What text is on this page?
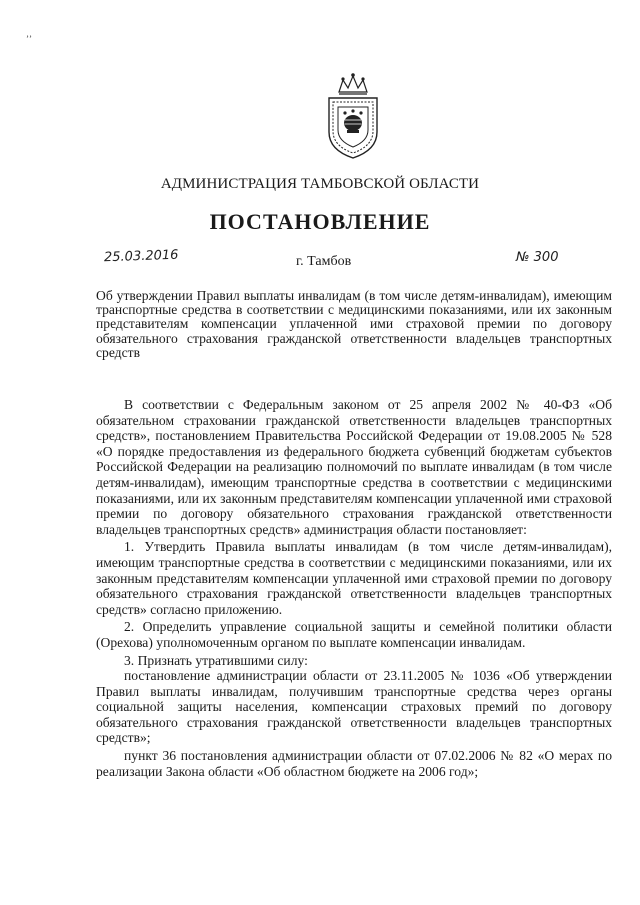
ʼʼ
АДМИНИСТРАЦИЯ ТАМБОВСКОЙ ОБЛАСТИ
ПОСТАНОВЛЕНИЕ
25.03.2016	г. Тамбов	№ 300
Об утверждении Правил выплаты инвалидам (в том числе детям-инвалидам), имеющим транспортные средства в соответствии с медицинскими показаниями, или их законным представителям компенсации уплаченной ими страховой премии по договору обязательного страхования гражданской ответственности владельцев транспортных средств

В соответствии с Федеральным законом от 25 апреля 2002 № 40-ФЗ «Об обязательном страховании гражданской ответственности владельцев транспортных средств», постановлением Правительства Российской Федерации от 19.08.2005 № 528 «О порядке предоставления из федерального бюджета субвенций бюджетам субъектов Российской Федерации на реализацию полномочий по выплате инвалидам (в том числе детям-инвалидам), имеющим транспортные средства в соответствии с медицинскими показаниями, или их законным представителям компенсации уплаченной ими страховой премии по договору обязательного страхования гражданской ответственности владельцев транспортных средств» администрация области постановляет:

1. Утвердить Правила выплаты инвалидам (в том числе детям-инвалидам), имеющим транспортные средства в соответствии с медицинскими показаниями, или их законным представителям компенсации уплаченной ими страховой премии по договору обязательного страхования гражданской ответственности владельцев транспортных средств» согласно приложению.

2. Определить управление социальной защиты и семейной политики области (Орехова) уполномоченным органом по выплате компенсации инвалидам.

3. Признать утратившими силу:

постановление администрации области от 23.11.2005 № 1036 «Об утверждении Правил выплаты инвалидам, получившим транспортные средства через органы социальной защиты населения, компенсации страховых премий по договору обязательного страхования гражданской ответственности владельцев транспортных средств»;

пункт 36 постановления администрации области от 07.02.2006 № 82 «О мерах по реализации Закона области «Об областном бюджете на 2006 год»;
